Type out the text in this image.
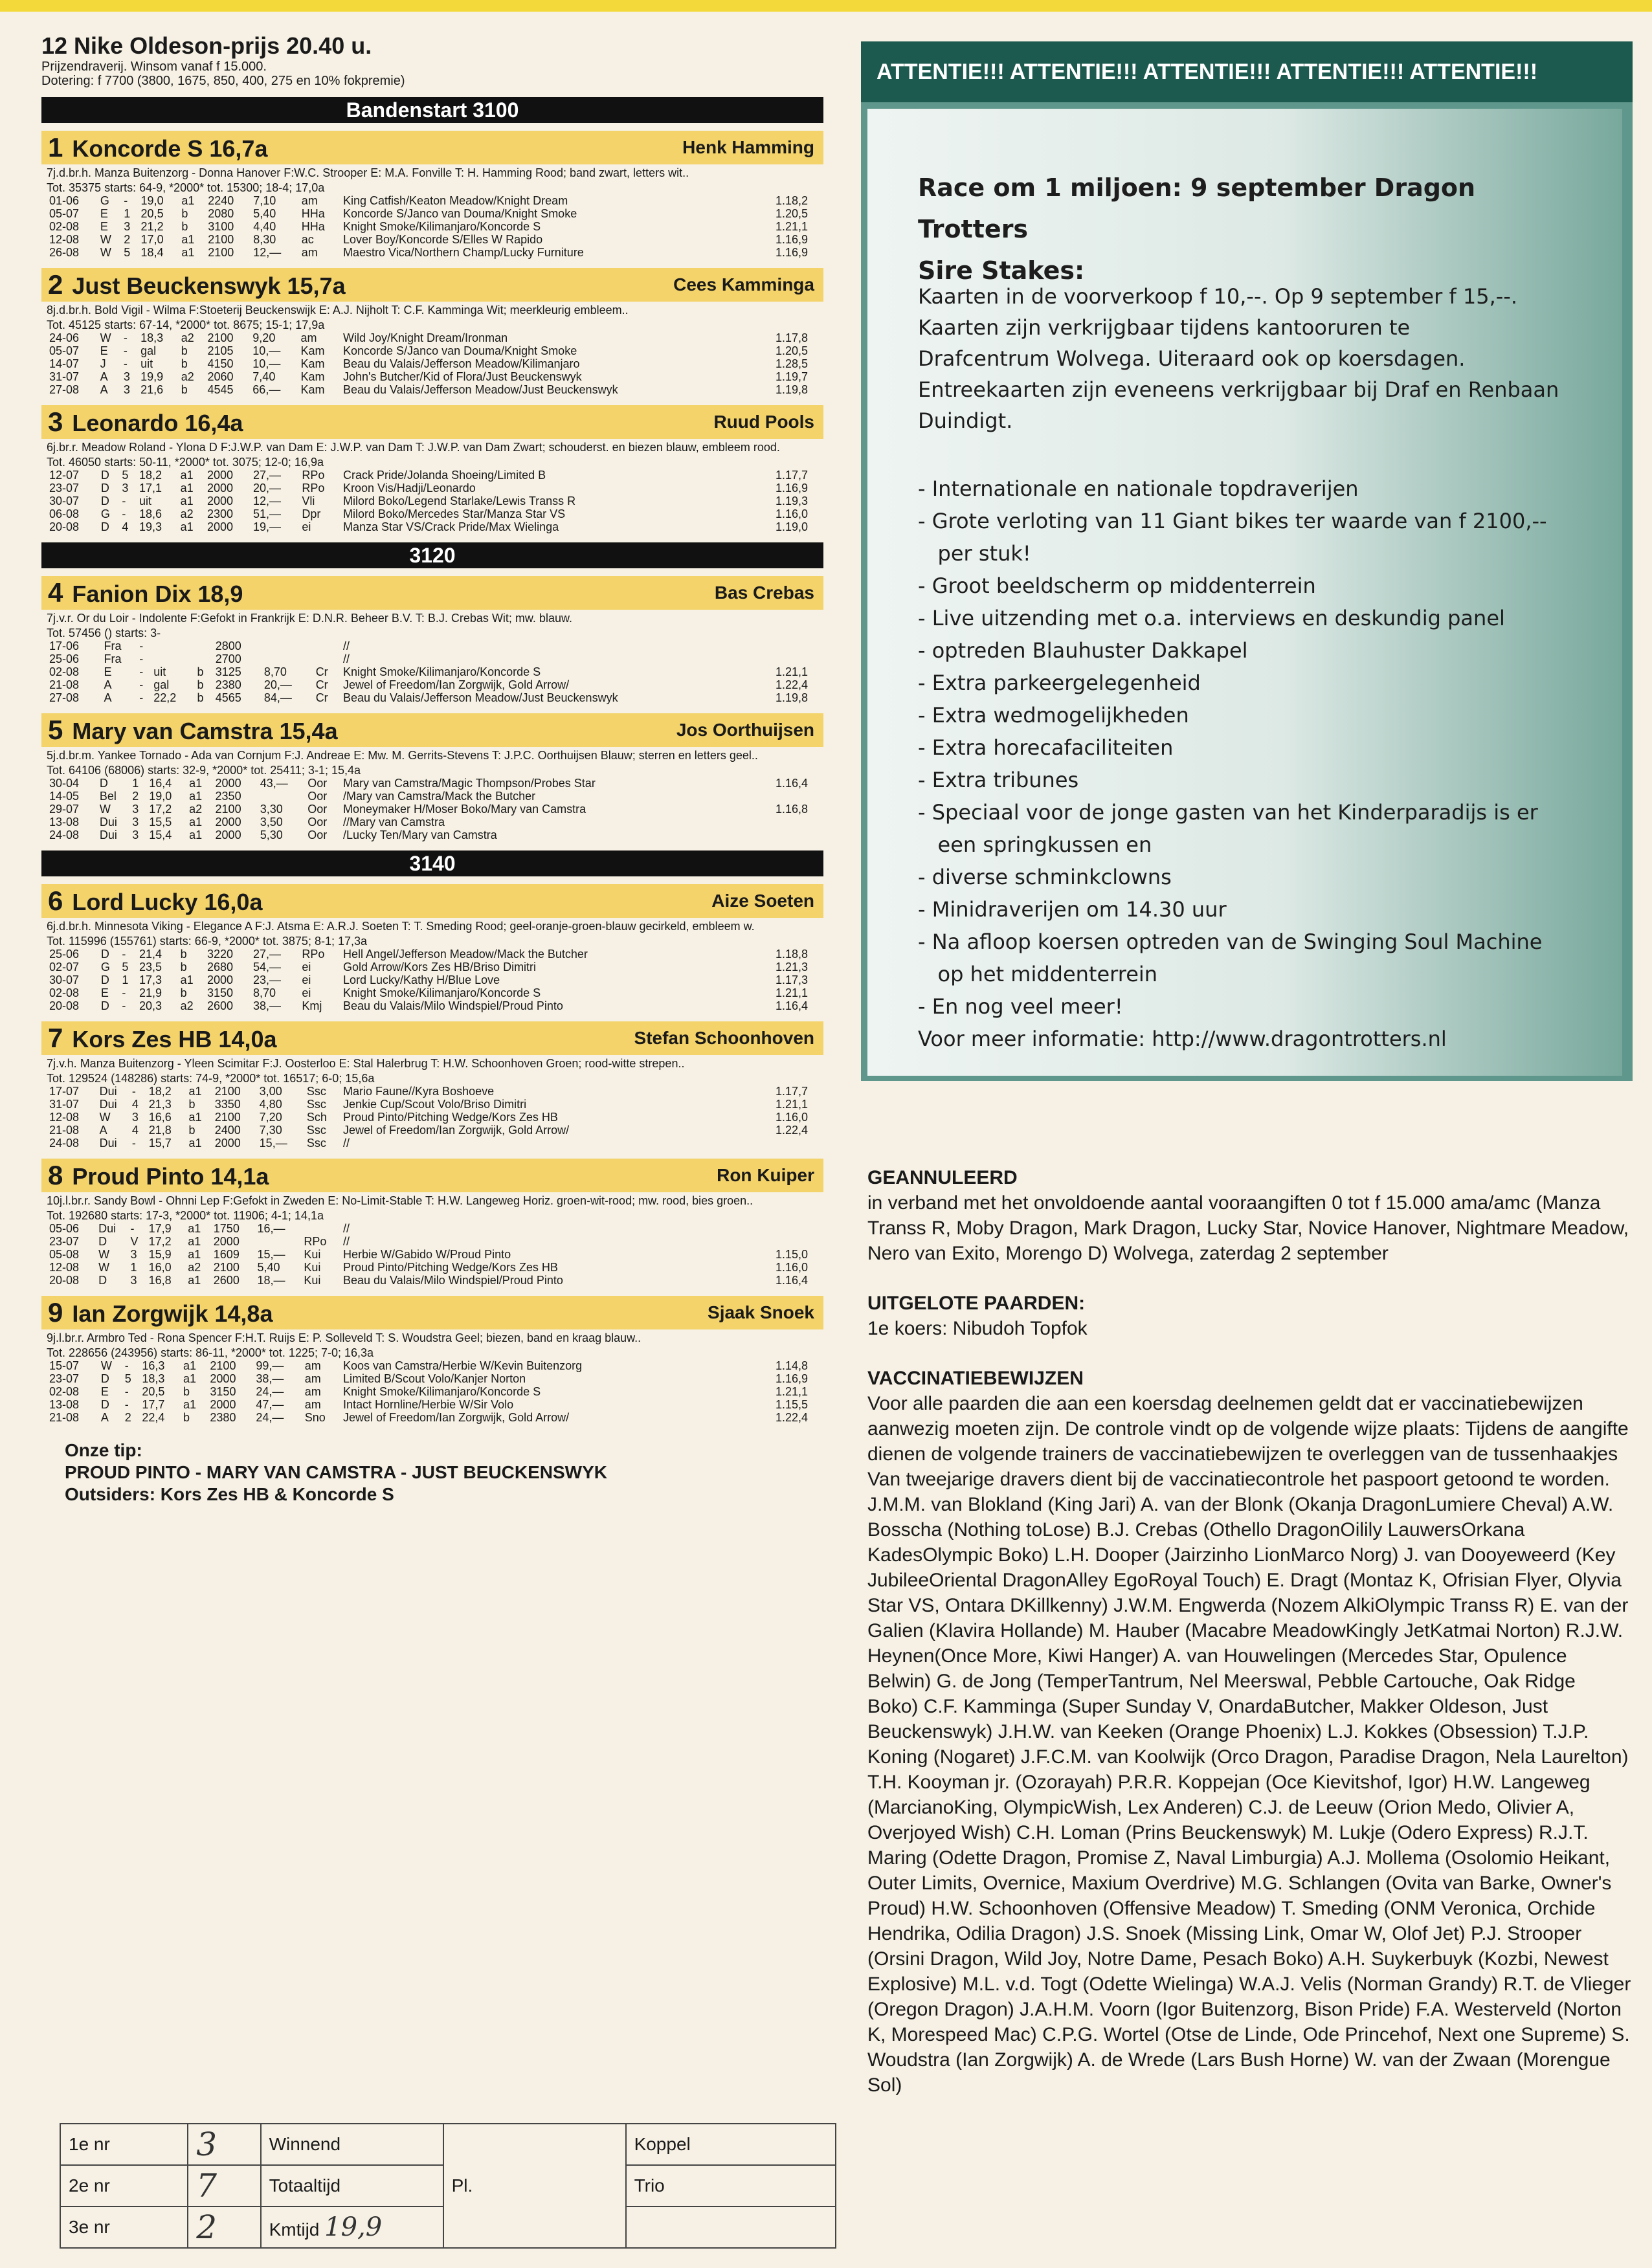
12 Nike Oldeson-prijs 20.40 u.
Prijzendraverij. Winsom vanaf f 15.000.
Dotering: f 7700 (3800, 1675, 850, 400, 275 en 10% fokpremie)
Bandenstart 3100
1 Koncorde S 16,7a	Henk Hamming
7j.d.br.h. Manza Buitenzorg - Donna Hanover F:W.C. Strooper E: M.A. Fonville T: H. Hamming Rood; band zwart, letters wit..
Tot. 35375 starts: 64-9, *2000* tot. 15300; 18-4; 17,0a
01-06	G	-	19,0	a1	2240	7,10	am	King Catfish/Keaton Meadow/Knight Dream	1.18,2
05-07	E	1	20,5	b	2080	5,40	HHa	Koncorde S/Janco van Douma/Knight Smoke	1.20,5
02-08	E	3	21,2	b	3100	4,40	HHa	Knight Smoke/Kilimanjaro/Koncorde S	1.21,1
12-08	W	2	17,0	a1	2100	8,30	ac	Lover Boy/Koncorde S/Elles W Rapido	1.16,9
26-08	W	5	18,4	a1	2100	12,—	am	Maestro Vica/Northern Champ/Lucky Furniture	1.16,9
2 Just Beuckenswyk 15,7a	Cees Kamminga
8j.d.br.h. Bold Vigil - Wilma F:Stoeterij Beuckenswijk E: A.J. Nijholt T: C.F. Kamminga Wit; meerkleurig embleem..
Tot. 45125 starts: 67-14, *2000* tot. 8675; 15-1; 17,9a
24-06	W	-	18,3	a2	2100	9,20	am	Wild Joy/Knight Dream/Ironman	1.17,8
05-07	E	-	gal	b	2105	10,—	Kam	Koncorde S/Janco van Douma/Knight Smoke	1.20,5
14-07	J	-	uit	b	4150	10,—	Kam	Beau du Valais/Jefferson Meadow/Kilimanjaro	1.28,5
31-07	A	3	19,9	a2	2060	7,40	Kam	John's Butcher/Kid of Flora/Just Beuckenswyk	1.19,7
27-08	A	3	21,6	b	4545	66,—	Kam	Beau du Valais/Jefferson Meadow/Just Beuckenswyk	1.19,8
3 Leonardo 16,4a	Ruud Pools
6j.br.r. Meadow Roland - Ylona D F:J.W.P. van Dam E: J.W.P. van Dam T: J.W.P. van Dam Zwart; schouderst. en biezen blauw, embleem rood.
Tot. 46050 starts: 50-11, *2000* tot. 3075; 12-0; 16,9a
12-07	D	5	18,2	a1	2000	27,—	RPo	Crack Pride/Jolanda Shoeing/Limited B	1.17,7
23-07	D	3	17,1	a1	2000	20,—	RPo	Kroon Vis/Hadji/Leonardo	1.16,9
30-07	D	-	uit	a1	2000	12,—	Vli	Milord Boko/Legend Starlake/Lewis Transs R	1.19,3
06-08	G	-	18,6	a2	2300	51,—	Dpr	Milord Boko/Mercedes Star/Manza Star VS	1.16,0
20-08	D	4	19,3	a1	2000	19,—	ei	Manza Star VS/Crack Pride/Max Wielinga	1.19,0
3120
4 Fanion Dix 18,9	Bas Crebas
7j.v.r. Or du Loir - Indolente F:Gefokt in Frankrijk E: D.N.R. Beheer B.V. T: B.J. Crebas Wit; mw. blauw.
Tot. 57456 () starts: 3-
17-06	Fra	-			2800			//	
25-06	Fra	-			2700			//	
02-08	E	-	uit	b	3125	8,70	Cr	Knight Smoke/Kilimanjaro/Koncorde S	1.21,1
21-08	A	-	gal	b	2380	20,—	Cr	Jewel of Freedom/Ian Zorgwijk, Gold Arrow/	1.22,4
27-08	A	-	22,2	b	4565	84,—	Cr	Beau du Valais/Jefferson Meadow/Just Beuckenswyk	1.19,8
5 Mary van Camstra 15,4a	Jos Oorthuijsen
5j.d.br.m. Yankee Tornado - Ada van Cornjum F:J. Andreae E: Mw. M. Gerrits-Stevens T: J.P.C. Oorthuijsen Blauw; sterren en letters geel..
Tot. 64106 (68006) starts: 32-9, *2000* tot. 25411; 3-1; 15,4a
30-04	D	1	16,4	a1	2000	43,—	Oor	Mary van Camstra/Magic Thompson/Probes Star	1.16,4
14-05	Bel	2	19,0	a1	2350		Oor	/Mary van Camstra/Mack the Butcher	
29-07	W	3	17,2	a2	2100	3,30	Oor	Moneymaker H/Moser Boko/Mary van Camstra	1.16,8
13-08	Dui	3	15,5	a1	2000	3,50	Oor	//Mary van Camstra	
24-08	Dui	3	15,4	a1	2000	5,30	Oor	/Lucky Ten/Mary van Camstra	
3140
6 Lord Lucky 16,0a	Aize Soeten
6j.d.br.h. Minnesota Viking - Elegance A F:J. Atsma E: A.R.J. Soeten T: T. Smeding Rood; geel-oranje-groen-blauw gecirkeld, embleem w.
Tot. 115996 (155761) starts: 66-9, *2000* tot. 3875; 8-1; 17,3a
25-06	D	-	21,4	b	3220	27,—	RPo	Hell Angel/Jefferson Meadow/Mack the Butcher	1.18,8
02-07	G	5	23,5	b	2680	54,—	ei	Gold Arrow/Kors Zes HB/Briso Dimitri	1.21,3
30-07	D	1	17,3	a1	2000	23,—	ei	Lord Lucky/Kathy H/Blue Love	1.17,3
02-08	E	-	21,9	b	3150	8,70	ei	Knight Smoke/Kilimanjaro/Koncorde S	1.21,1
20-08	D	-	20,3	a2	2600	38,—	Kmj	Beau du Valais/Milo Windspiel/Proud Pinto	1.16,4
7 Kors Zes HB 14,0a	Stefan Schoonhoven
7j.v.h. Manza Buitenzorg - Yleen Scimitar F:J. Oosterloo E: Stal Halerbrug T: H.W. Schoonhoven Groen; rood-witte strepen..
Tot. 129524 (148286) starts: 74-9, *2000* tot. 16517; 6-0; 15,6a
17-07	Dui	-	18,2	a1	2100	3,00	Ssc	Mario Faune//Kyra Boshoeve	1.17,7
31-07	Dui	4	21,3	b	3350	4,80	Ssc	Jenkie Cup/Scout Volo/Briso Dimitri	1.21,1
12-08	W	3	16,6	a1	2100	7,20	Sch	Proud Pinto/Pitching Wedge/Kors Zes HB	1.16,0
21-08	A	4	21,8	b	2400	7,30	Ssc	Jewel of Freedom/Ian Zorgwijk, Gold Arrow/	1.22,4
24-08	Dui	-	15,7	a1	2000	15,—	Ssc	//	
8 Proud Pinto 14,1a	Ron Kuiper
10j.l.br.r. Sandy Bowl - Ohnni Lep F:Gefokt in Zweden E: No-Limit-Stable T: H.W. Langeweg Horiz. groen-wit-rood; mw. rood, bies groen..
Tot. 192680 starts: 17-3, *2000* tot. 11906; 4-1; 14,1a
05-06	Dui	-	17,9	a1	1750	16,—		//	
23-07	D	V	17,2	a1	2000		RPo	//	
05-08	W	3	15,9	a1	1609	15,—	Kui	Herbie W/Gabido W/Proud Pinto	1.15,0
12-08	W	1	16,0	a2	2100	5,40	Kui	Proud Pinto/Pitching Wedge/Kors Zes HB	1.16,0
20-08	D	3	16,8	a1	2600	18,—	Kui	Beau du Valais/Milo Windspiel/Proud Pinto	1.16,4
9 Ian Zorgwijk 14,8a	Sjaak Snoek
9j.l.br.r. Armbro Ted - Rona Spencer F:H.T. Ruijs E: P. Solleveld T: S. Woudstra Geel; biezen, band en kraag blauw..
Tot. 228656 (243956) starts: 86-11, *2000* tot. 1225; 7-0; 16,3a
15-07	W	-	16,3	a1	2100	99,—	am	Koos van Camstra/Herbie W/Kevin Buitenzorg	1.14,8
23-07	D	5	18,3	a1	2000	38,—	am	Limited B/Scout Volo/Kanjer Norton	1.16,9
02-08	E	-	20,5	b	3150	24,—	am	Knight Smoke/Kilimanjaro/Koncorde S	1.21,1
13-08	D	-	17,7	a1	2000	47,—	am	Intact Hornline/Herbie W/Sir Volo	1.15,5
21-08	A	2	22,4	b	2380	24,—	Sno	Jewel of Freedom/Ian Zorgwijk, Gold Arrow/	1.22,4
Onze tip:
PROUD PINTO - MARY VAN CAMSTRA - JUST BEUCKENSWYK
Outsiders: Kors Zes HB & Koncorde S
1e nr	3	Winnend	Pl.	Koppel
2e nr	7	Totaaltijd		Trio
3e nr	2	Kmtijd 19,9		
ATTENTIE!!! ATTENTIE!!! ATTENTIE!!! ATTENTIE!!! ATTENTIE!!!
Race om 1 miljoen: 9 september Dragon Trotters
Sire Stakes:
Kaarten in de voorverkoop f 10,--. Op 9 september f 15,--.
Kaarten zijn verkrijgbaar tijdens kantooruren te
Drafcentrum Wolvega. Uiteraard ook op koersdagen.
Entreekaarten zijn eveneens verkrijgbaar bij Draf en Renbaan
Duindigt.
- Internationale en nationale topdraverijen
- Grote verloting van 11 Giant bikes ter waarde van f 2100,--
per stuk!
- Groot beeldscherm op middenterrein
- Live uitzending met o.a. interviews en deskundig panel
- optreden Blauhuster Dakkapel
- Extra parkeergelegenheid
- Extra wedmogelijkheden
- Extra horecafaciliteiten
- Extra tribunes
- Speciaal voor de jonge gasten van het Kinderparadijs is er
een springkussen en
- diverse schminkclowns
- Minidraverijen om 14.30 uur
- Na afloop koersen optreden van de Swinging Soul Machine
op het middenterrein
- En nog veel meer!
Voor meer informatie: http://www.dragontrotters.nl
GEANNULEERD
in verband met het onvoldoende aantal vooraangiften 0 tot f 15.000 ama/amc (Manza Transs R, Moby Dragon, Mark Dragon, Lucky Star, Novice Hanover, Nightmare Meadow, Nero van Exito, Morengo D) Wolvega, zaterdag 2 september
UITGELOTE PAARDEN:
1e koers: Nibudoh Topfok
VACCINATIEBEWIJZEN
Voor alle paarden die aan een koersdag deelnemen geldt dat er vaccinatiebewijzen aanwezig moeten zijn. De controle vindt op de volgende wijze plaats: Tijdens de aangifte dienen de volgende trainers de vaccinatiebewijzen te overleggen van de tussenhaakjes
Van tweejarige dravers dient bij de vaccinatiecontrole het paspoort getoond te worden.
J.M.M. van Blokland (King Jari) A. van der Blonk (Okanja DragonLumiere Cheval) A.W. Bosscha (Nothing toLose) B.J. Crebas (Othello DragonOilily LauwersOrkana KadesOlympic Boko) L.H. Dooper (Jairzinho LionMarco Norg) J. van Dooyeweerd (Key JubileeOriental DragonAlley EgoRoyal Touch) E. Dragt (Montaz K, Ofrisian Flyer, Olyvia Star VS, Ontara DKillkenny) J.W.M. Engwerda (Nozem AlkiOlympic Transs R) E. van der Galien (Klavira Hollande) M. Hauber (Macabre MeadowKingly JetKatmai Norton) R.J.W. Heynen(Once More, Kiwi Hanger) A. van Houwelingen (Mercedes Star, Opulence Belwin) G. de Jong (TemperTantrum, Nel Meerswal, Pebble Cartouche, Oak Ridge Boko) C.F. Kamminga (Super Sunday V, OnardaButcher, Makker Oldeson, Just Beuckenswyk) J.H.W. van Keeken (Orange Phoenix) L.J. Kokkes (Obsession) T.J.P. Koning (Nogaret) J.F.C.M. van Koolwijk (Orco Dragon, Paradise Dragon, Nela Laurelton) T.H. Kooyman jr. (Ozorayah) P.R.R. Koppejan (Oce Kievitshof, Igor) H.W. Langeweg (MarcianoKing, OlympicWish, Lex Anderen) C.J. de Leeuw (Orion Medo, Olivier A, Overjoyed Wish) C.H. Loman (Prins Beuckenswyk) M. Lukje (Odero Express) R.J.T. Maring (Odette Dragon, Promise Z, Naval Limburgia) A.J. Mollema (Osolomio Heikant, Outer Limits, Overnice, Maxium Overdrive) M.G. Schlangen (Ovita van Barke, Owner's Proud) H.W. Schoonhoven (Offensive Meadow) T. Smeding (ONM Veronica, Orchide Hendrika, Odilia Dragon) J.S. Snoek (Missing Link, Omar W, Olof Jet) P.J. Strooper (Orsini Dragon, Wild Joy, Notre Dame, Pesach Boko) A.H. Suykerbuyk (Kozbi, Newest Explosive) M.L. v.d. Togt (Odette Wielinga) W.A.J. Velis (Norman Grandy) R.T. de Vlieger (Oregon Dragon) J.A.H.M. Voorn (Igor Buitenzorg, Bison Pride) F.A. Westerveld (Norton K, Morespeed Mac) C.P.G. Wortel (Otse de Linde, Ode Princehof, Next one Supreme) S. Woudstra (Ian Zorgwijk) A. de Wrede (Lars Bush Horne) W. van der Zwaan (Morengue Sol)
